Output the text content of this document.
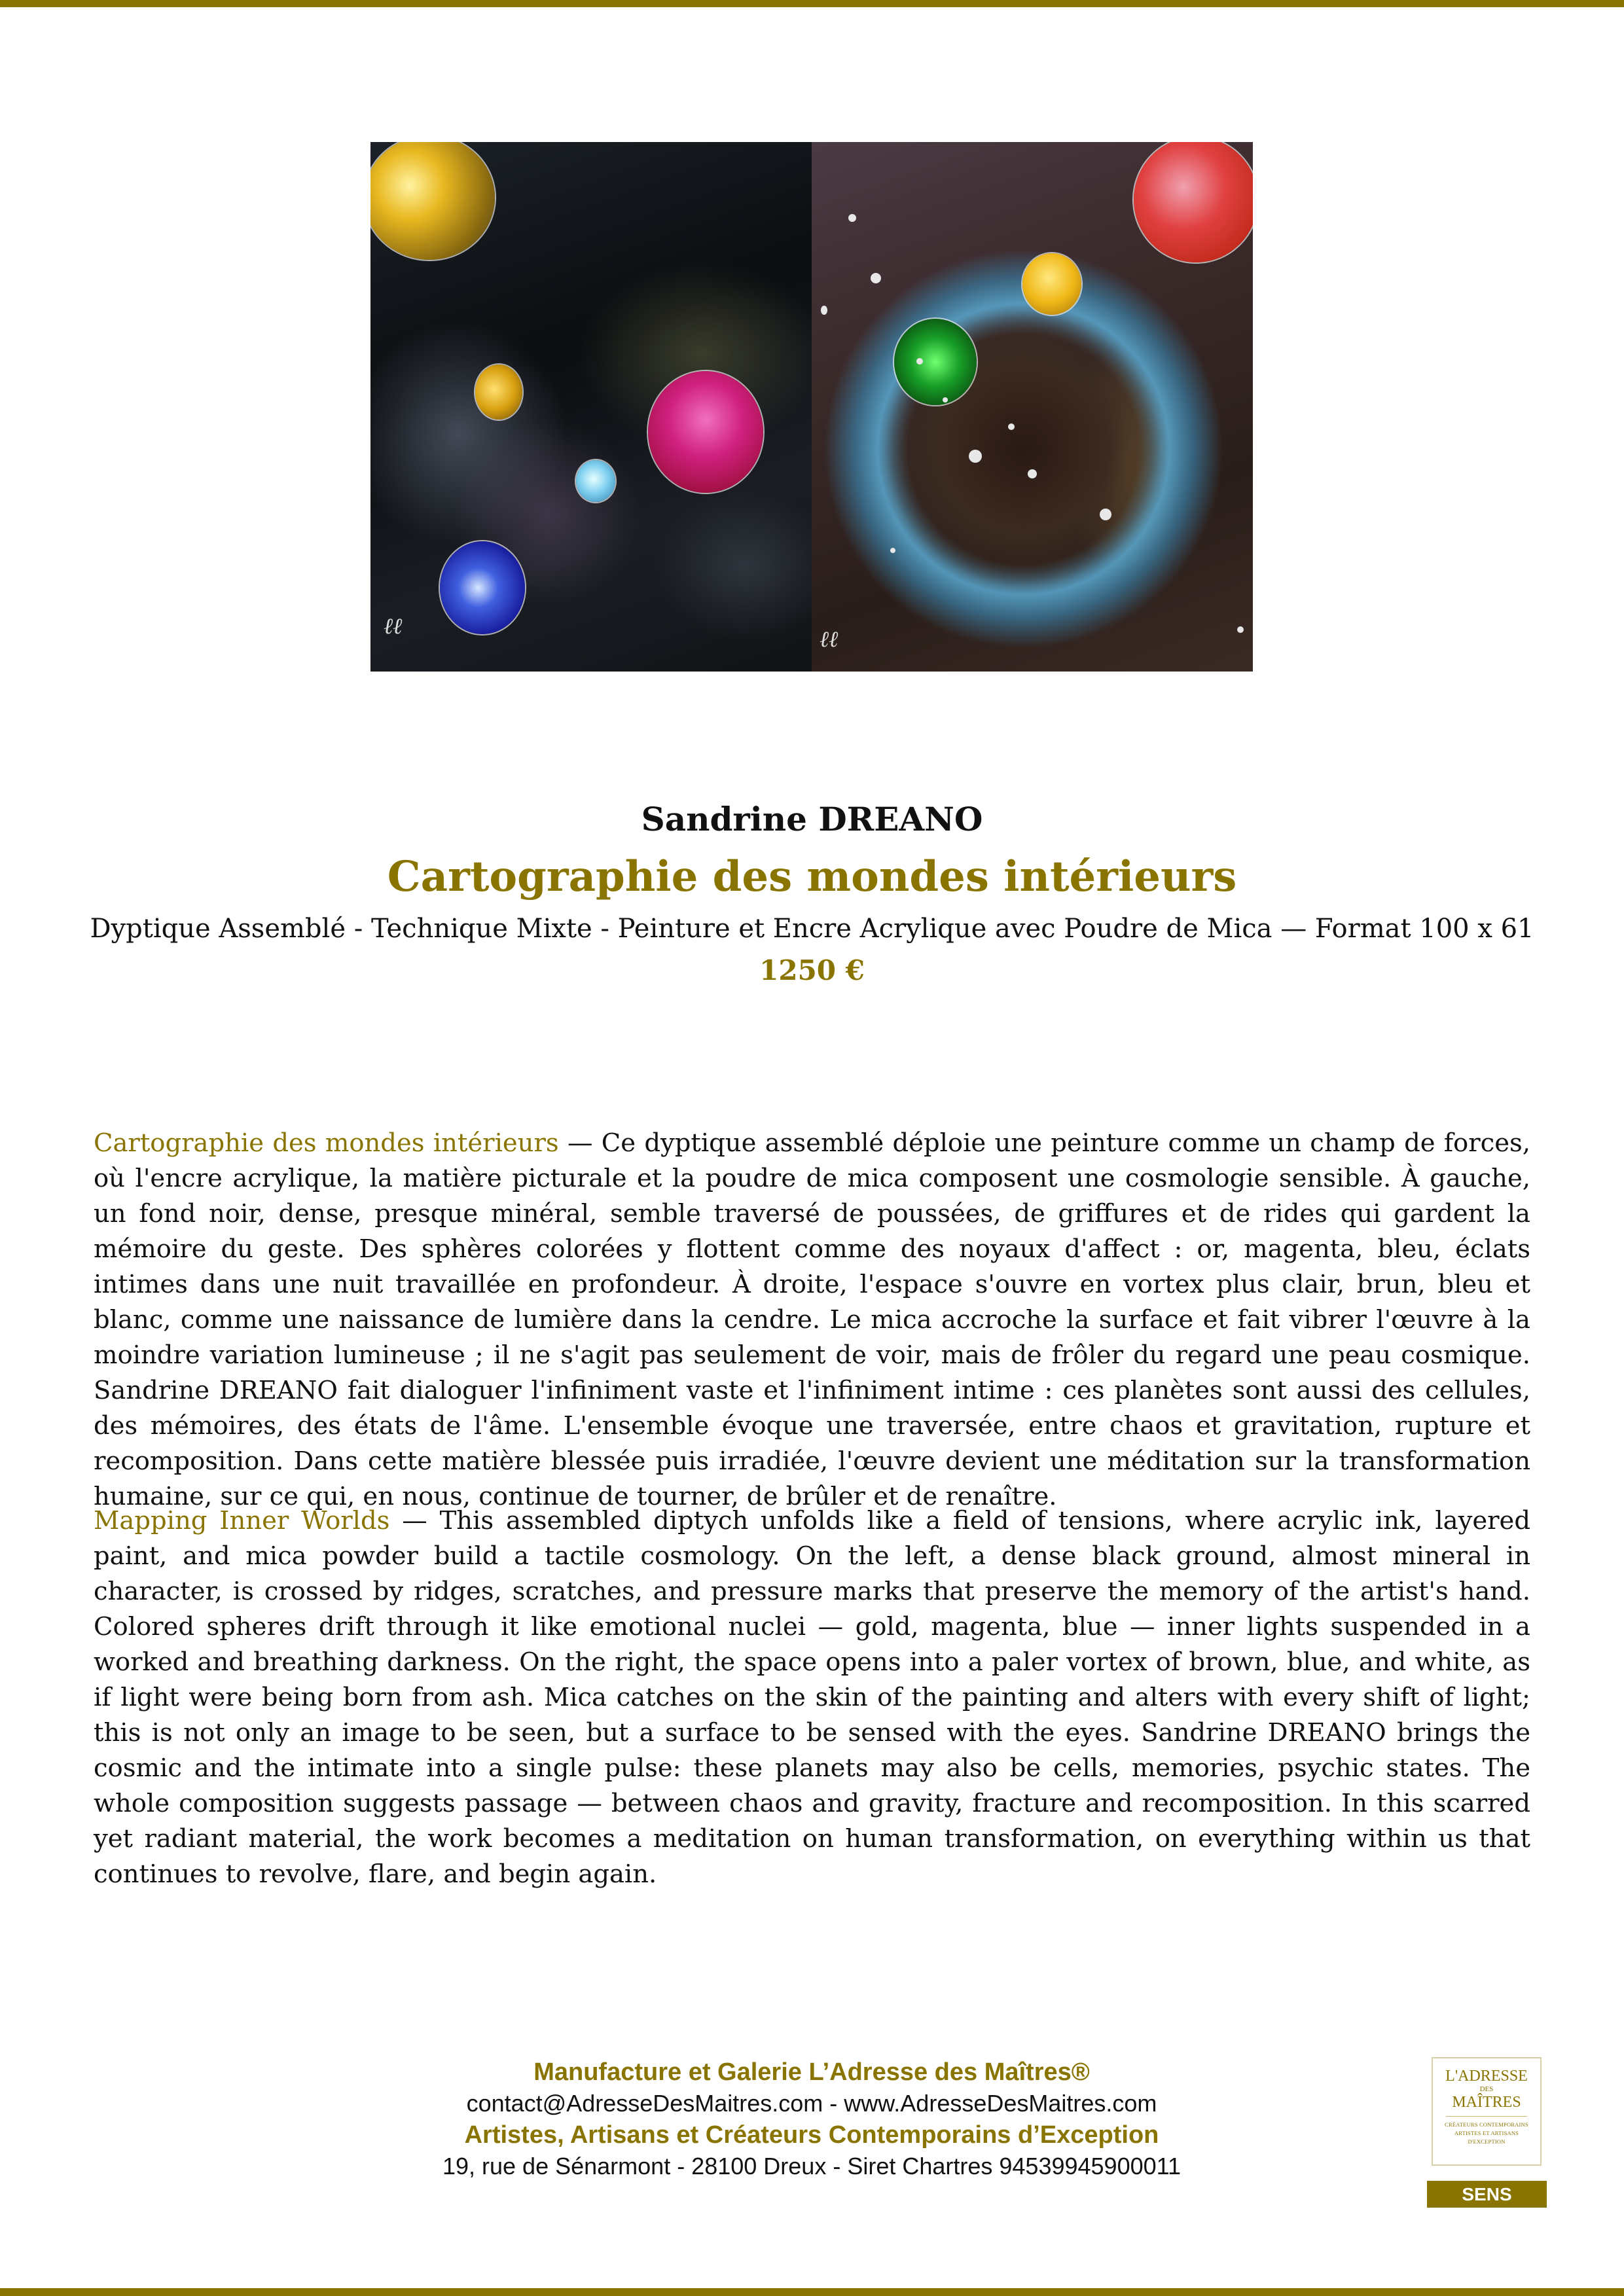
ℓℓ	ℓℓ
Sandrine DREANO
Cartographie des mondes intérieurs
Dyptique Assemblé - Technique Mixte - Peinture et Encre Acrylique avec Poudre de Mica — Format 100 x 61
1250 €

Cartographie des mondes intérieurs — Ce dyptique assemblé déploie une peinture comme un champ de forces, où l'encre acrylique, la matière picturale et la poudre de mica composent une cosmologie sensible. À gauche, un fond noir, dense, presque minéral, semble traversé de poussées, de griffures et de rides qui gardent la mémoire du geste. Des sphères colorées y flottent comme des noyaux d'affect : or, magenta, bleu, éclats intimes dans une nuit travaillée en profondeur. À droite, l'espace s'ouvre en vortex plus clair, brun, bleu et blanc, comme une naissance de lumière dans la cendre. Le mica accroche la surface et fait vibrer l'œuvre à la moindre variation lumineuse ; il ne s'agit pas seulement de voir, mais de frôler du regard une peau cosmique. Sandrine DREANO fait dialoguer l'infiniment vaste et l'infiniment intime : ces planètes sont aussi des cellules, des mémoires, des états de l'âme. L'ensemble évoque une traversée, entre chaos et gravitation, rupture et recomposition. Dans cette matière blessée puis irradiée, l'œuvre devient une méditation sur la transformation humaine, sur ce qui, en nous, continue de tourner, de brûler et de renaître.

Mapping Inner Worlds — This assembled diptych unfolds like a field of tensions, where acrylic ink, layered paint, and mica powder build a tactile cosmology. On the left, a dense black ground, almost mineral in character, is crossed by ridges, scratches, and pressure marks that preserve the memory of the artist's hand. Colored spheres drift through it like emotional nuclei — gold, magenta, blue — inner lights suspended in a worked and breathing darkness. On the right, the space opens into a paler vortex of brown, blue, and white, as if light were being born from ash. Mica catches on the skin of the painting and alters with every shift of light; this is not only an image to be seen, but a surface to be sensed with the eyes. Sandrine DREANO brings the cosmic and the intimate into a single pulse: these planets may also be cells, memories, psychic states. The whole composition suggests passage — between chaos and gravity, fracture and recomposition. In this scarred yet radiant material, the work becomes a meditation on human transformation, on everything within us that continues to revolve, flare, and begin again.

Manufacture et Galerie L’Adresse des Maîtres®
contact@AdresseDesMaitres.com - www.AdresseDesMaitres.com
Artistes, Artisans et Créateurs Contemporains d’Exception
19, rue de Sénarmont - 28100 Dreux - Siret Chartres 94539945900011
L'ADRESSE
DES
MAÎTRES
CRÉATEURS CONTEMPORAINS
ARTISTES ET ARTISANS
D'EXCEPTION
SENS
